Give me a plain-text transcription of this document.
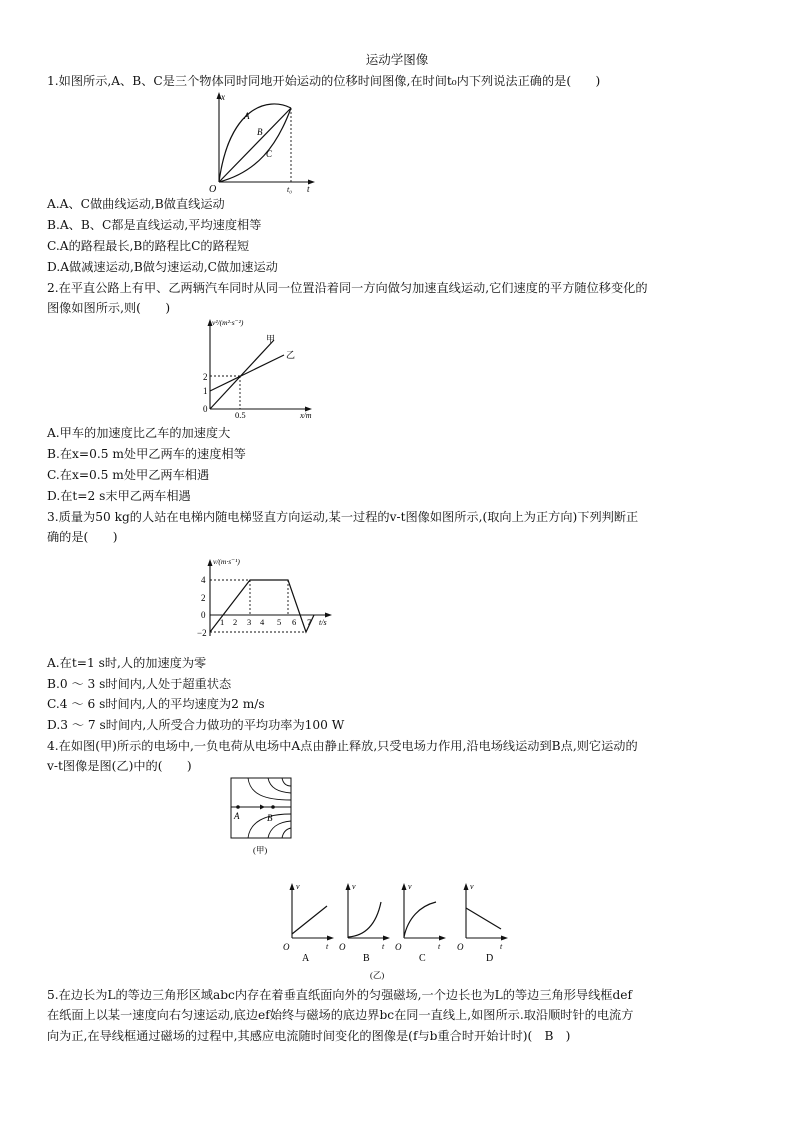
运动学图像
1.如图所示,A、B、C是三个物体同时同地开始运动的位移时间图像,在时间t₀内下列说法正确的是(　　)
x
O	t₀ t
A
B
C
A.A、C做曲线运动,B做直线运动
B.A、B、C都是直线运动,平均速度相等
C.A的路程最长,B的路程比C的路程短
D.A做减速运动,B做匀速运动,C做加速运动
2.在平直公路上有甲、乙两辆汽车同时从同一位置沿着同一方向做匀加速直线运动,它们速度的平方随位移变化的
图像如图所示,则(　　)
v²/(m²·s⁻²)
2
1
0
0.5	x/m
甲
乙
A.甲车的加速度比乙车的加速度大
B.在x=0.5 m处甲乙两车的速度相等
C.在x=0.5 m处甲乙两车相遇
D.在t=2 s末甲乙两车相遇
3.质量为50 kg的人站在电梯内随电梯竖直方向运动,某一过程的v-t图像如图所示,(取向上为正方向)下列判断正
确的是(　　)
v/(m·s⁻¹)
4
2
0
−2
1 2 3 4 5 6 7 t/s
A.在t=1 s时,人的加速度为零
B.0 ～ 3 s时间内,人处于超重状态
C.4 ～ 6 s时间内,人的平均速度为2 m/s
D.3 ～ 7 s时间内,人所受合力做功的平均功率为100 W
4.在如图(甲)所示的电场中,一负电荷从电场中A点由静止释放,只受电场力作用,沿电场线运动到B点,则它运动的
v-t图像是图(乙)中的(　　)
A	B
(甲)
v
O	t
A
v
O	t
B
v
O	t
C
v
O	t
D
(乙)
5.在边长为L的等边三角形区域abc内存在着垂直纸面向外的匀强磁场,一个边长也为L的等边三角形导线框def
在纸面上以某一速度向右匀速运动,底边ef始终与磁场的底边界bc在同一直线上,如图所示.取沿顺时针的电流方
向为正,在导线框通过磁场的过程中,其感应电流随时间变化的图像是(f与b重合时开始计时)(　B　)
